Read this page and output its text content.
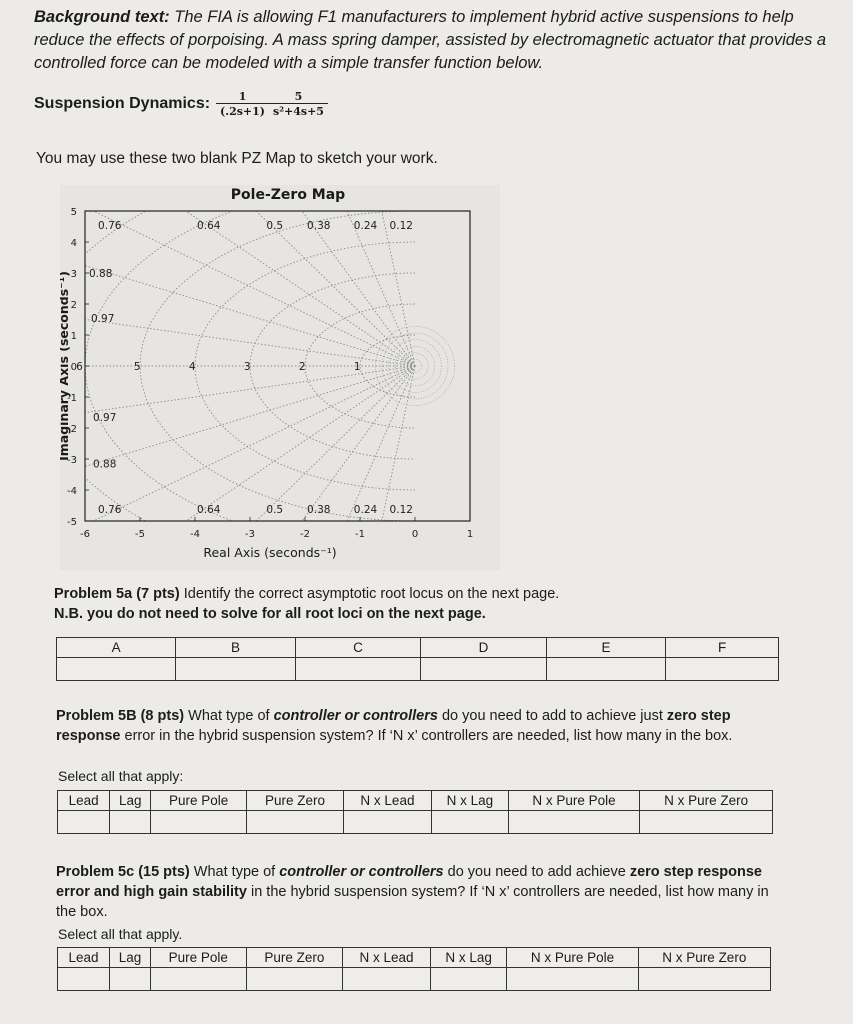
Background text: The FIA is allowing F1 manufacturers to implement hybrid active suspensions to help reduce the effects of porpoising. A mass spring damper, assisted by electromagnetic actuator that provides a controlled force can be modeled with a simple transfer function below.
Suspension Dynamics: $\frac{1}{(.2s+1)} \frac{5}{\text{s²+4s+5}}$
You may use these two blank PZ Map to sketch your work.
Pole-Zero Map
5
4
3
2
1
0
-1
-2
-3
-4
-5
-6	-5	-4	-3	-2	-1	0	1
0.76	0.64	0.5 0.38 0.24 0.12
0.76	0.64	0.5 0.38 0.24 0.12
0.88
0.97
0.97
0.88
6	5	4	3	2	1
Real Axis (seconds⁻¹)
Imaginary Axis (seconds⁻¹)
Problem 5a (7 pts) Identify the correct asymptotic root locus on the next page.
N.B. you do not need to solve for all root loci on the next page.
A	B	C	D	E	F

Problem 5B (8 pts) What type of controller or controllers do you need to add to achieve just zero step response error in the hybrid suspension system? If ‘N x’ controllers are needed, list how many in the box.
Select all that apply:
Lead	Lag	Pure Pole	Pure Zero	N x Lead	N x Lag	N x Pure Pole	N x Pure Zero

Problem 5c (15 pts) What type of controller or controllers do you need to add achieve zero step response error and high gain stability in the hybrid suspension system? If ‘N x’ controllers are needed, list how many in the box.
Select all that apply.
Lead	Lag	Pure Pole	Pure Zero	N x Lead	N x Lag	N x Pure Pole	N x Pure Zero
